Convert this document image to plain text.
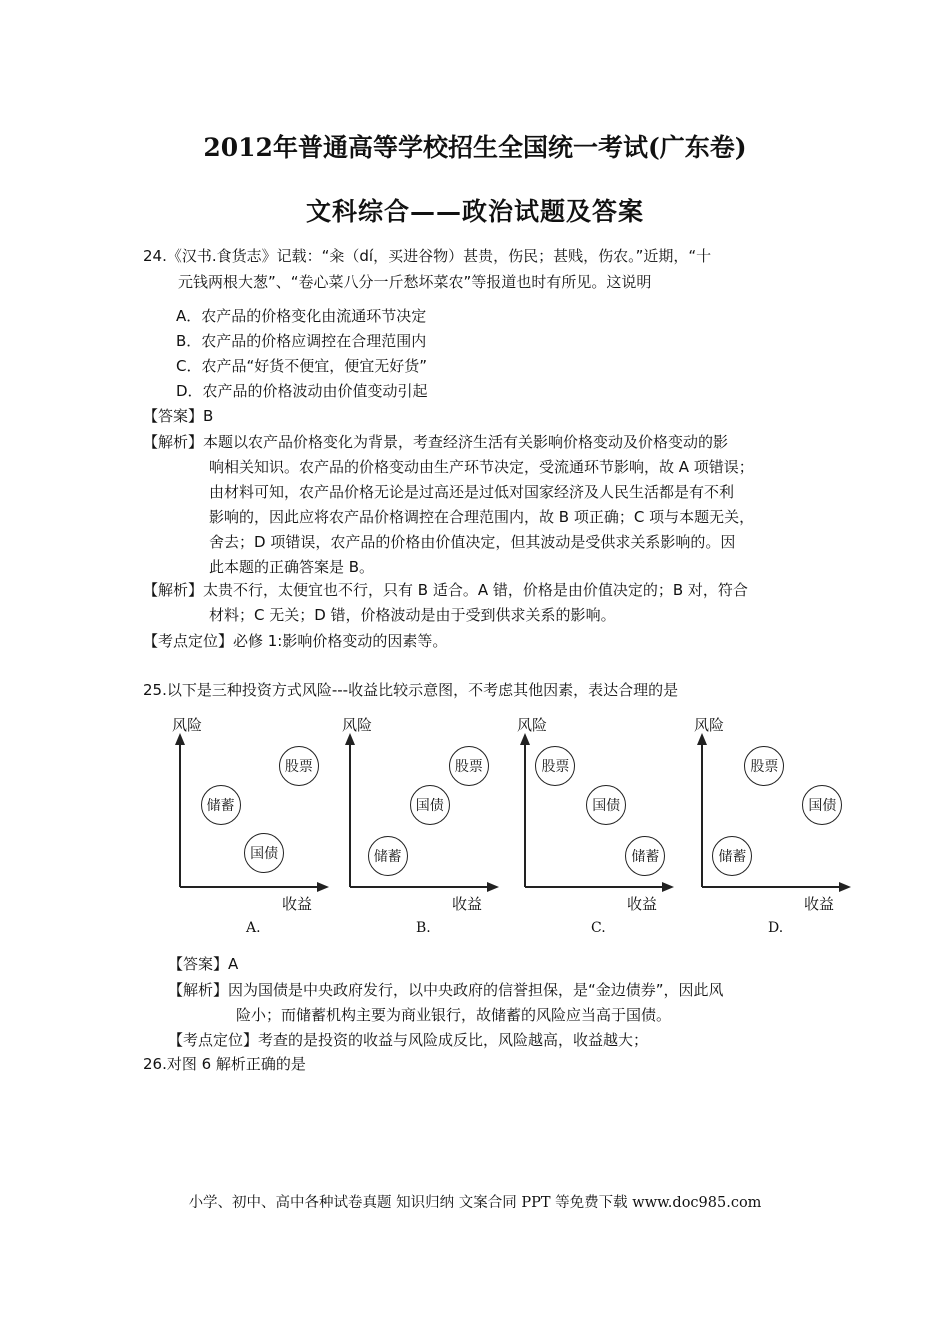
2012年普通高等学校招生全国统一考试(广东卷)
文科综合——政治试题及答案
24.《汉书.食货志》记载：“籴（dí，买进谷物）甚贵，伤民；甚贱，伤农。”近期，“十
元钱两根大葱”、“卷心菜八分一斤愁坏菜农”等报道也时有所见。这说明
A．农产品的价格变化由流通环节决定
B．农产品的价格应调控在合理范围内
C．农产品“好货不便宜，便宜无好货”
D．农产品的价格波动由价值变动引起
【答案】B
【解析】本题以农产品价格变化为背景，考查经济生活有关影响价格变动及价格变动的影
响相关知识。农产品的价格变动由生产环节决定，受流通环节影响，故 A 项错误；
由材料可知，农产品价格无论是过高还是过低对国家经济及人民生活都是有不利
影响的，因此应将农产品价格调控在合理范围内，故 B 项正确；C 项与本题无关，
舍去；D 项错误，农产品的价格由价值决定，但其波动是受供求关系影响的。因
此本题的正确答案是 B。
【解析】太贵不行，太便宜也不行，只有 B 适合。A 错，价格是由价值决定的；B 对，符合
材料；C 无关；D 错，价格波动是由于受到供求关系的影响。
【考点定位】必修 1:影响价格变动的因素等。
25.以下是三种投资方式风险---收益比较示意图，不考虑其他因素，表达合理的是
风险
收益
A.
股票
储蓄
国债
风险
收益
B.
股票
国债
储蓄
风险
收益
C.
股票
国债
储蓄
风险
收益
D.
股票
国债
储蓄
【答案】A
【解析】因为国债是中央政府发行，以中央政府的信誉担保，是“金边债券”，因此风
险小；而储蓄机构主要为商业银行，故储蓄的风险应当高于国债。
【考点定位】考查的是投资的收益与风险成反比，风险越高，收益越大；
26.对图 6 解析正确的是
小学、初中、高中各种试卷真题 知识归纳 文案合同 PPT 等免费下载 www.doc985.com
